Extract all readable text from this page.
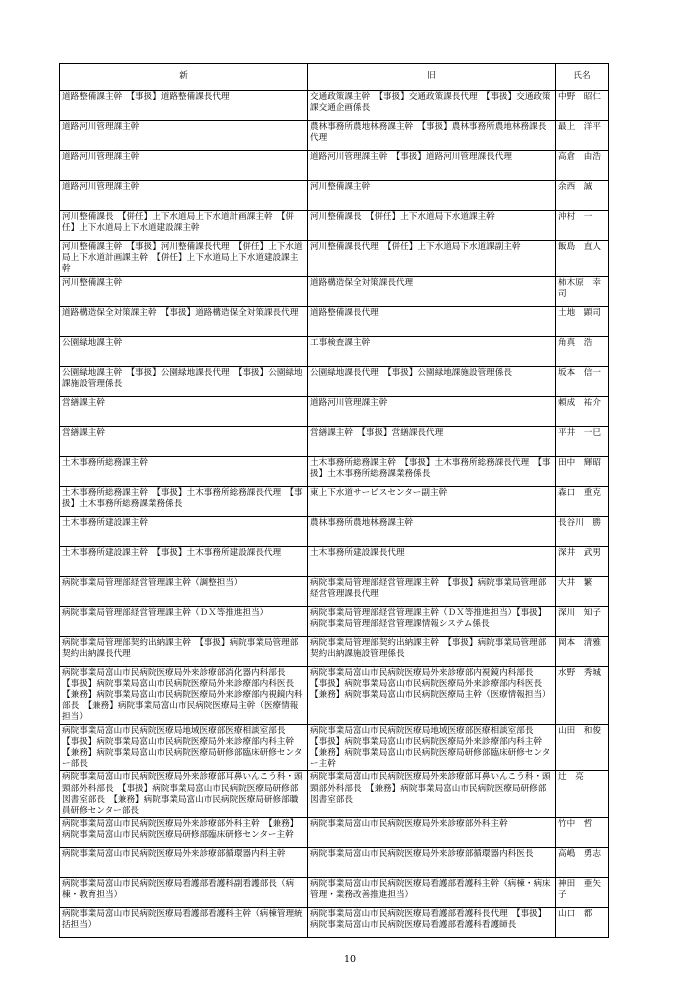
新	旧	氏名
道路整備課主幹　【事扱】道路整備課長代理	交通政策課主幹　【事扱】交通政策課長代理　【事扱】交通政策課交通企画係長	中野　昭仁
道路河川管理課主幹	農林事務所農地林務課主幹　【事扱】農林事務所農地林務課長代理	最上　洋平
道路河川管理課主幹	道路河川管理課主幹　【事扱】道路河川管理課長代理	高倉　由浩
道路河川管理課主幹	河川整備課主幹	余西　誠
河川整備課長　【併任】上下水道局上下水道計画課主幹　【併任】上下水道局上下水道建設課主幹	河川整備課長　【併任】上下水道局下水道課主幹	沖村　一
河川整備課主幹　【事扱】河川整備課長代理　【併任】上下水道局上下水道計画課主幹　【併任】上下水道局上下水道建設課主幹	河川整備課長代理　【併任】上下水道局下水道課副主幹	飯島　直人
河川整備課主幹	道路構造保全対策課長代理	柿木原　幸司
道路構造保全対策課主幹　【事扱】道路構造保全対策課長代理	道路整備課長代理	土地　顕司
公園緑地課主幹	工事検査課主幹	角真　浩
公園緑地課主幹　【事扱】公園緑地課長代理　【事扱】公園緑地課施設管理係長	公園緑地課長代理　【事扱】公園緑地課施設管理係長	坂本　信一
営繕課主幹	道路河川管理課主幹	頼成　祐介
営繕課主幹	営繕課主幹　【事扱】営繕課長代理	平井　一巳
土木事務所総務課主幹	土木事務所総務課主幹　【事扱】土木事務所総務課長代理　【事扱】土木事務所総務課業務係長	田中　輝昭
土木事務所総務課主幹　【事扱】土木事務所総務課長代理　【事扱】土木事務所総務課業務係長	東上下水道サービスセンター副主幹	森口　重克
土木事務所建設課主幹	農林事務所農地林務課主幹	長谷川　勝
土木事務所建設課主幹　【事扱】土木事務所建設課長代理	土木事務所建設課長代理	深井　武男
病院事業局管理部経営管理課主幹（調整担当）	病院事業局管理部経営管理課主幹　【事扱】病院事業局管理部経営管理課長代理	大井　繁
病院事業局管理部経営管理課主幹（ＤＸ等推進担当）	病院事業局管理部経営管理課主幹（ＤＸ等推進担当）【事扱】病院事業局管理部経営管理課情報システム係長	深川　知子
病院事業局管理部契約出納課主幹　【事扱】病院事業局管理部契約出納課長代理	病院事業局管理部契約出納課主幹　【事扱】病院事業局管理部契約出納課施設管理係長	岡本　清雅
病院事業局富山市民病院医療局外来診療部消化器内科部長　【事扱】病院事業局富山市民病院医療局外来診療部内科医長　【兼務】病院事業局富山市民病院医療局外来診療部内視鏡内科部長　【兼務】病院事業局富山市民病院医療局主幹（医療情報担当）	病院事業局富山市民病院医療局外来診療部内視鏡内科部長　【事扱】病院事業局富山市民病院医療局外来診療部内科医長　【兼務】病院事業局富山市民病院医療局主幹（医療情報担当）	水野　秀城
病院事業局富山市民病院医療局地域医療部医療相談室部長　【事扱】病院事業局富山市民病院医療局外来診療部内科主幹　【兼務】病院事業局富山市民病院医療局研修部臨床研修センター部長	病院事業局富山市民病院医療局地域医療部医療相談室部長　【事扱】病院事業局富山市民病院医療局外来診療部内科主幹　【兼務】病院事業局富山市民病院医療局研修部臨床研修センター主幹	山田　和俊
病院事業局富山市民病院医療局外来診療部耳鼻いんこう科・頭頸部外科部長　【事扱】病院事業局富山市民病院医療局研修部図書室部長　【兼務】病院事業局富山市民病院医療局研修部職員研修センター部長	病院事業局富山市民病院医療局外来診療部耳鼻いんこう科・頭頸部外科部長　【兼務】病院事業局富山市民病院医療局研修部図書室部長	辻　亮
病院事業局富山市民病院医療局外来診療部外科主幹　【兼務】病院事業局富山市民病院医療局研修部臨床研修センター主幹	病院事業局富山市民病院医療局外来診療部外科主幹	竹中　哲
病院事業局富山市民病院医療局外来診療部循環器内科主幹	病院事業局富山市民病院医療局外来診療部循環器内科医長	高嶋　勇志
病院事業局富山市民病院医療局看護部看護科副看護部長（病棟・教育担当）	病院事業局富山市民病院医療局看護部看護科主幹（病棟・病床管理・業務改善推進担当）	神田　亜矢子
病院事業局富山市民病院医療局看護部看護科主幹（病棟管理統括担当）	病院事業局富山市民病院医療局看護部看護科長代理　【事扱】病院事業局富山市民病院医療局看護部看護科看護師長	山口　都
10
